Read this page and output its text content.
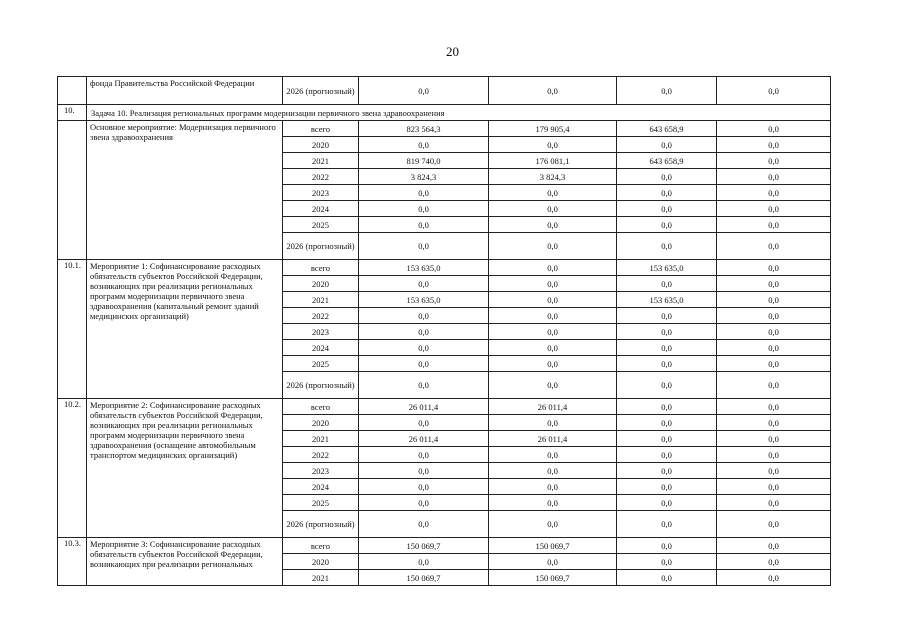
20
	фонда Правительства Российской Федерации	2026 (прогнозный)	0,0	0,0	0,0	0,0
10.	Задача 10. Реализация региональных программ модернизации первичного звена здравоохранения					
	Основное мероприятие: Модернизация первичного звена здравоохранения	всего	823 564,3	179 905,4	643 658,9	0,0
		2020	0,0	0,0	0,0	0,0
		2021	819 740,0	176 081,1	643 658,9	0,0
		2022	3 824,3	3 824,3	0,0	0,0
		2023	0,0	0,0	0,0	0,0
		2024	0,0	0,0	0,0	0,0
		2025	0,0	0,0	0,0	0,0
		2026 (прогнозный)	0,0	0,0	0,0	0,0
10.1.	Мероприятие 1: Софинансирование расходных обязательств субъектов Российской Федерации, возникающих при реализации региональных программ модернизации первичного звена здравоохранения (капитальный ремонт зданий медицинских организаций)	всего	153 635,0	0,0	153 635,0	0,0
		2020	0,0	0,0	0,0	0,0
		2021	153 635,0	0,0	153 635,0	0,0
		2022	0,0	0,0	0,0	0,0
		2023	0,0	0,0	0,0	0,0
		2024	0,0	0,0	0,0	0,0
		2025	0,0	0,0	0,0	0,0
		2026 (прогнозный)	0,0	0,0	0,0	0,0
10.2.	Мероприятие 2: Софинансирование расходных обязательств субъектов Российской Федерации, возникающих при реализации региональных программ модернизации первичного звена здравоохранения (оснащение автомобильным транспортом медицинских организаций)	всего	26 011,4	26 011,4	0,0	0,0
		2020	0,0	0,0	0,0	0,0
		2021	26 011,4	26 011,4	0,0	0,0
		2022	0,0	0,0	0,0	0,0
		2023	0,0	0,0	0,0	0,0
		2024	0,0	0,0	0,0	0,0
		2025	0,0	0,0	0,0	0,0
		2026 (прогнозный)	0,0	0,0	0,0	0,0
10.3.	Мероприятие 3: Софинансирование расходных обязательств субъектов Российской Федерации, возникающих при реализации региональных	всего	150 069,7	150 069,7	0,0	0,0
		2020	0,0	0,0	0,0	0,0
		2021	150 069,7	150 069,7	0,0	0,0
